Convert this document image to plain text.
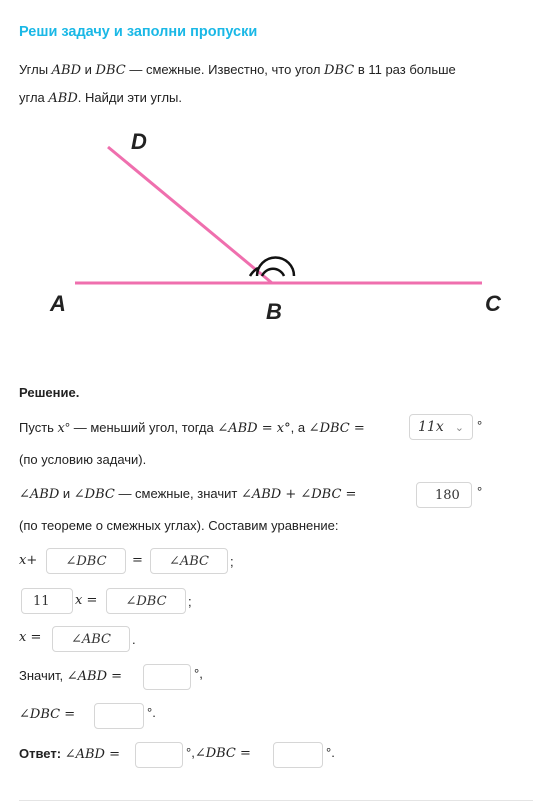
Реши задачу и заполни пропуски
Углы ABD и DBC — смежные. Известно, что угол DBC в 11 раз больше
угла ABD. Найди эти углы.
D
A	B	C
Решение.
Пусть x° — меньший угол, тогда ∠ABD = x°, а ∠DBC =	11x ⌄ °
(по условию задачи).
∠ABD и ∠DBC — смежные, значит ∠ABD + ∠DBC =	180 °
(по теореме о смежных углах). Составим уравнение:
x+ ∠DBC = ∠ABC ;
11 x = ∠DBC ;
x = ∠ABC .
Значит, ∠ABD =	°,
∠DBC =	°.
Ответ: ∠ABD =	°,∠DBC =	°.
